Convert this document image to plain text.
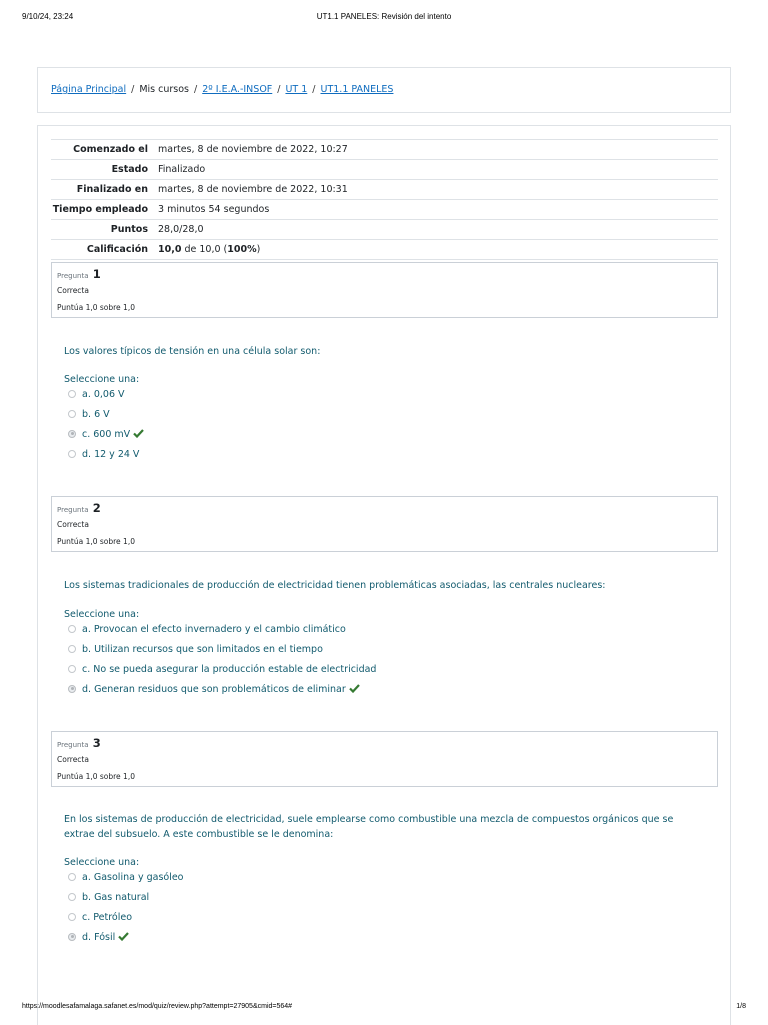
9/10/24, 23:24	UT1.1 PANELES: Revisión del intento
Página Principal / Mis cursos / 2º I.E.A.-INSOF / UT 1 / UT1.1 PANELES
Comenzado el	martes, 8 de noviembre de 2022, 10:27
Estado	Finalizado
Finalizado en	martes, 8 de noviembre de 2022, 10:31
Tiempo empleado	3 minutos 54 segundos
Puntos	28,0/28,0
Calificación	10,0 de 10,0 (100%)
Pregunta 1
Correcta
Puntúa 1,0 sobre 1,0
Los valores típicos de tensión en una célula solar son:
Seleccione una:
a. 0,06 V
b. 6 V
c. 600 mV
d. 12 y 24 V
Pregunta 2
Correcta
Puntúa 1,0 sobre 1,0
Los sistemas tradicionales de producción de electricidad tienen problemáticas asociadas, las centrales nucleares:
Seleccione una:
a. Provocan el efecto invernadero y el cambio climático
b. Utilizan recursos que son limitados en el tiempo
c. No se pueda asegurar la producción estable de electricidad
d. Generan residuos que son problemáticos de eliminar
Pregunta 3
Correcta
Puntúa 1,0 sobre 1,0
En los sistemas de producción de electricidad, suele emplearse como combustible una mezcla de compuestos orgánicos que se extrae del subsuelo. A este combustible se le denomina:
Seleccione una:
a. Gasolina y gasóleo
b. Gas natural
c. Petróleo
d. Fósil
https://moodlesafamalaga.safanet.es/mod/quiz/review.php?attempt=27905&cmid=564#	1/8
